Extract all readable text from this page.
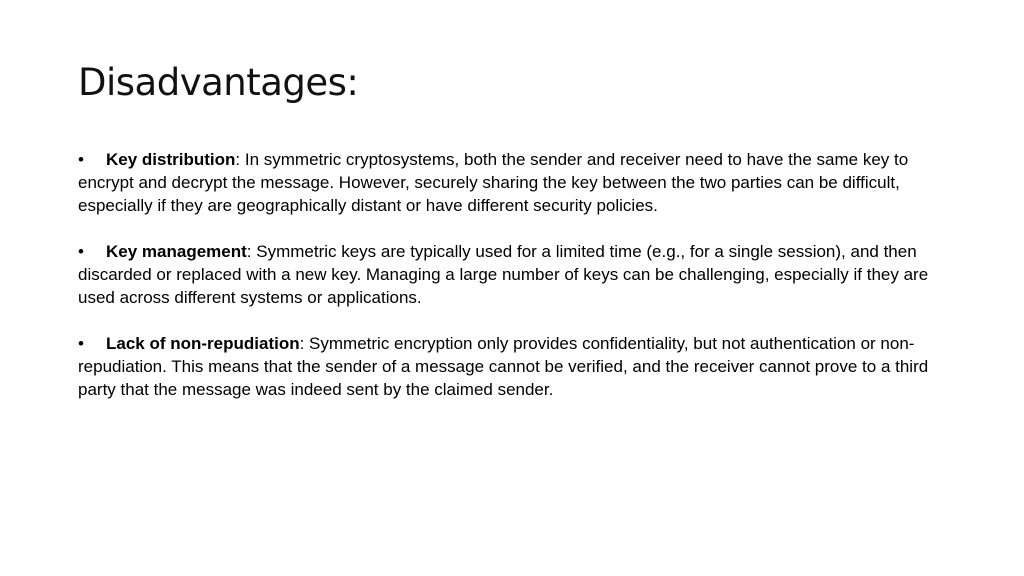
Disadvantages:

• Key distribution: In symmetric cryptosystems, both the sender and receiver need to have the same key to encrypt and decrypt the message. However, securely sharing the key between the two parties can be difficult, especially if they are geographically distant or have different security policies.

• Key management: Symmetric keys are typically used for a limited time (e.g., for a single session), and then discarded or replaced with a new key. Managing a large number of keys can be challenging, especially if they are used across different systems or applications.

• Lack of non-repudiation: Symmetric encryption only provides confidentiality, but not authentication or non-repudiation. This means that the sender of a message cannot be verified, and the receiver cannot prove to a third party that the message was indeed sent by the claimed sender.
